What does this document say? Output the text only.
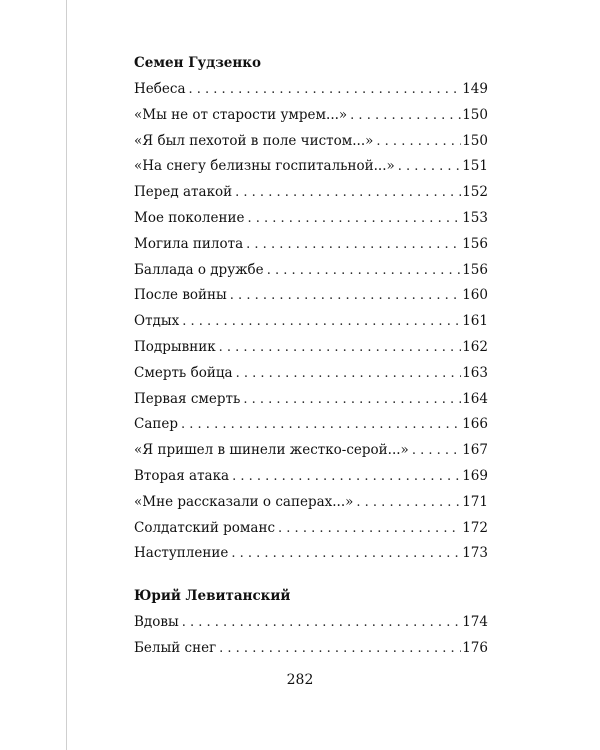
Семен Гудзенко
Небеса . . .	149
«Мы не от старости умрем...» . . .	150
«Я был пехотой в поле чистом...» . . .	150
«На снегу белизны госпитальной...» . . .	151
Перед атакой . . .	152
Мое поколение . . .	153
Могила пилота . . .	156
Баллада о дружбе . . .	156
После войны . . .	160
Отдых . . .	161
Подрывник . . .	162
Смерть бойца . . .	163
Первая смерть . . .	164
Сапер . . .	166
«Я пришел в шинели жестко-серой...» . . .	167
Вторая атака . . .	169
«Мне рассказали о саперах...» . . .	171
Солдатский романс . . .	172
Наступление . . .	173
Юрий Левитанский
Вдовы . . .	174
Белый снег . . .	176
282
